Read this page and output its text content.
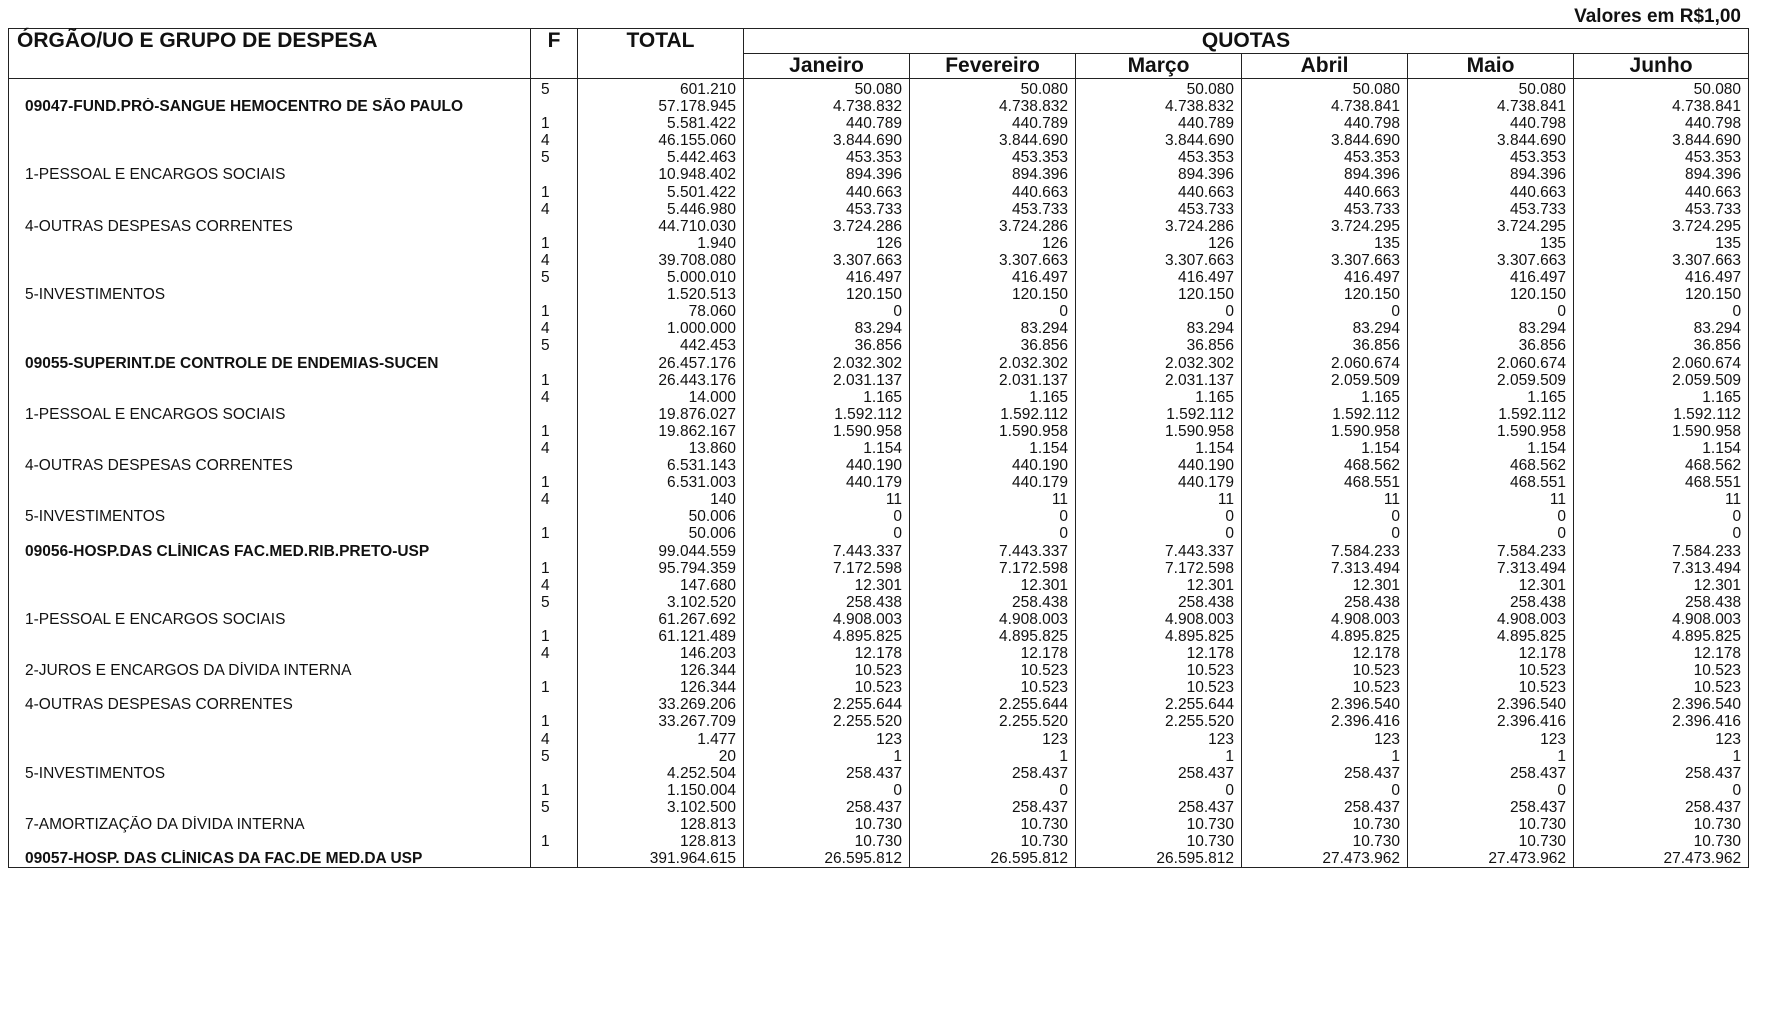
Valores em R$1,00
ÓRGÃO/UO E GRUPO DE DESPESA	F	TOTAL	QUOTAS					
			Janeiro	Fevereiro	Março	Abril	Maio	Junho
	5	601.210	50.080	50.080	50.080	50.080	50.080	50.080
09047-FUND.PRÓ-SANGUE HEMOCENTRO DE SÃO PAULO		57.178.945	4.738.832	4.738.832	4.738.832	4.738.841	4.738.841	4.738.841
	1	5.581.422	440.789	440.789	440.789	440.798	440.798	440.798
	4	46.155.060	3.844.690	3.844.690	3.844.690	3.844.690	3.844.690	3.844.690
	5	5.442.463	453.353	453.353	453.353	453.353	453.353	453.353
1-PESSOAL E ENCARGOS SOCIAIS		10.948.402	894.396	894.396	894.396	894.396	894.396	894.396
	1	5.501.422	440.663	440.663	440.663	440.663	440.663	440.663
	4	5.446.980	453.733	453.733	453.733	453.733	453.733	453.733
4-OUTRAS DESPESAS CORRENTES		44.710.030	3.724.286	3.724.286	3.724.286	3.724.295	3.724.295	3.724.295
	1	1.940	126	126	126	135	135	135
	4	39.708.080	3.307.663	3.307.663	3.307.663	3.307.663	3.307.663	3.307.663
	5	5.000.010	416.497	416.497	416.497	416.497	416.497	416.497
5-INVESTIMENTOS		1.520.513	120.150	120.150	120.150	120.150	120.150	120.150
	1	78.060	0	0	0	0	0	0
	4	1.000.000	83.294	83.294	83.294	83.294	83.294	83.294
	5	442.453	36.856	36.856	36.856	36.856	36.856	36.856
09055-SUPERINT.DE CONTROLE DE ENDEMIAS-SUCEN		26.457.176	2.032.302	2.032.302	2.032.302	2.060.674	2.060.674	2.060.674
	1	26.443.176	2.031.137	2.031.137	2.031.137	2.059.509	2.059.509	2.059.509
	4	14.000	1.165	1.165	1.165	1.165	1.165	1.165
1-PESSOAL E ENCARGOS SOCIAIS		19.876.027	1.592.112	1.592.112	1.592.112	1.592.112	1.592.112	1.592.112
	1	19.862.167	1.590.958	1.590.958	1.590.958	1.590.958	1.590.958	1.590.958
	4	13.860	1.154	1.154	1.154	1.154	1.154	1.154
4-OUTRAS DESPESAS CORRENTES		6.531.143	440.190	440.190	440.190	468.562	468.562	468.562
	1	6.531.003	440.179	440.179	440.179	468.551	468.551	468.551
	4	140	11	11	11	11	11	11
5-INVESTIMENTOS		50.006	0	0	0	0	0	0
	1	50.006	0	0	0	0	0	0
09056-HOSP.DAS CLÍNICAS FAC.MED.RIB.PRETO-USP		99.044.559	7.443.337	7.443.337	7.443.337	7.584.233	7.584.233	7.584.233
	1	95.794.359	7.172.598	7.172.598	7.172.598	7.313.494	7.313.494	7.313.494
	4	147.680	12.301	12.301	12.301	12.301	12.301	12.301
	5	3.102.520	258.438	258.438	258.438	258.438	258.438	258.438
1-PESSOAL E ENCARGOS SOCIAIS		61.267.692	4.908.003	4.908.003	4.908.003	4.908.003	4.908.003	4.908.003
	1	61.121.489	4.895.825	4.895.825	4.895.825	4.895.825	4.895.825	4.895.825
	4	146.203	12.178	12.178	12.178	12.178	12.178	12.178
2-JUROS E ENCARGOS DA DÍVIDA INTERNA		126.344	10.523	10.523	10.523	10.523	10.523	10.523
	1	126.344	10.523	10.523	10.523	10.523	10.523	10.523
4-OUTRAS DESPESAS CORRENTES		33.269.206	2.255.644	2.255.644	2.255.644	2.396.540	2.396.540	2.396.540
	1	33.267.709	2.255.520	2.255.520	2.255.520	2.396.416	2.396.416	2.396.416
	4	1.477	123	123	123	123	123	123
	5	20	1	1	1	1	1	1
5-INVESTIMENTOS		4.252.504	258.437	258.437	258.437	258.437	258.437	258.437
	1	1.150.004	0	0	0	0	0	0
	5	3.102.500	258.437	258.437	258.437	258.437	258.437	258.437
7-AMORTIZAÇÃO DA DÍVIDA INTERNA		128.813	10.730	10.730	10.730	10.730	10.730	10.730
	1	128.813	10.730	10.730	10.730	10.730	10.730	10.730
09057-HOSP. DAS CLÍNICAS DA FAC.DE MED.DA USP		391.964.615	26.595.812	26.595.812	26.595.812	27.473.962	27.473.962	27.473.962
